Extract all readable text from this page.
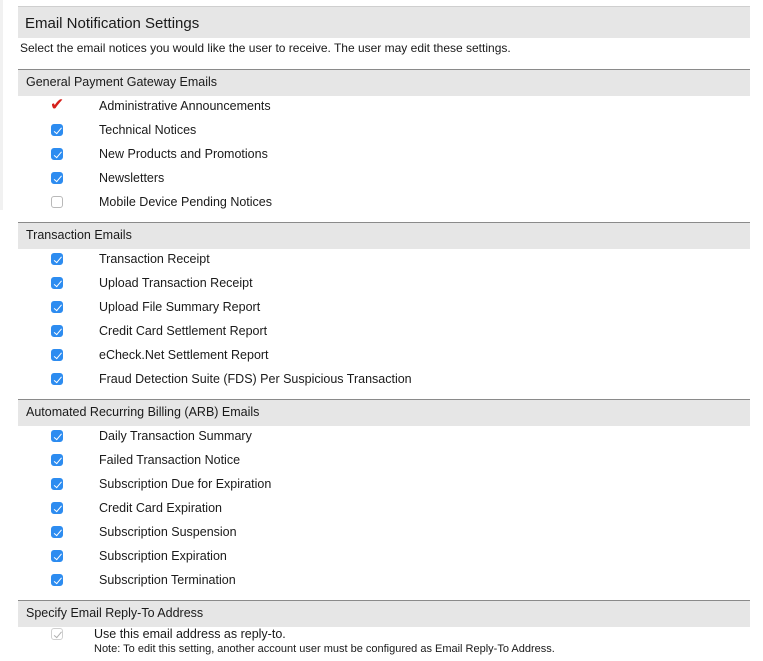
Email Notification Settings
Select the email notices you would like the user to receive. The user may edit these settings.
General Payment Gateway Emails
✔	Administrative Announcements
Technical Notices
New Products and Promotions
Newsletters
Mobile Device Pending Notices
Transaction Emails
Transaction Receipt
Upload Transaction Receipt
Upload File Summary Report
Credit Card Settlement Report
eCheck.Net Settlement Report
Fraud Detection Suite (FDS) Per Suspicious Transaction
Automated Recurring Billing (ARB) Emails
Daily Transaction Summary
Failed Transaction Notice
Subscription Due for Expiration
Credit Card Expiration
Subscription Suspension
Subscription Expiration
Subscription Termination
Specify Email Reply-To Address
Use this email address as reply-to.
Note: To edit this setting, another account user must be configured as Email Reply-To Address.
